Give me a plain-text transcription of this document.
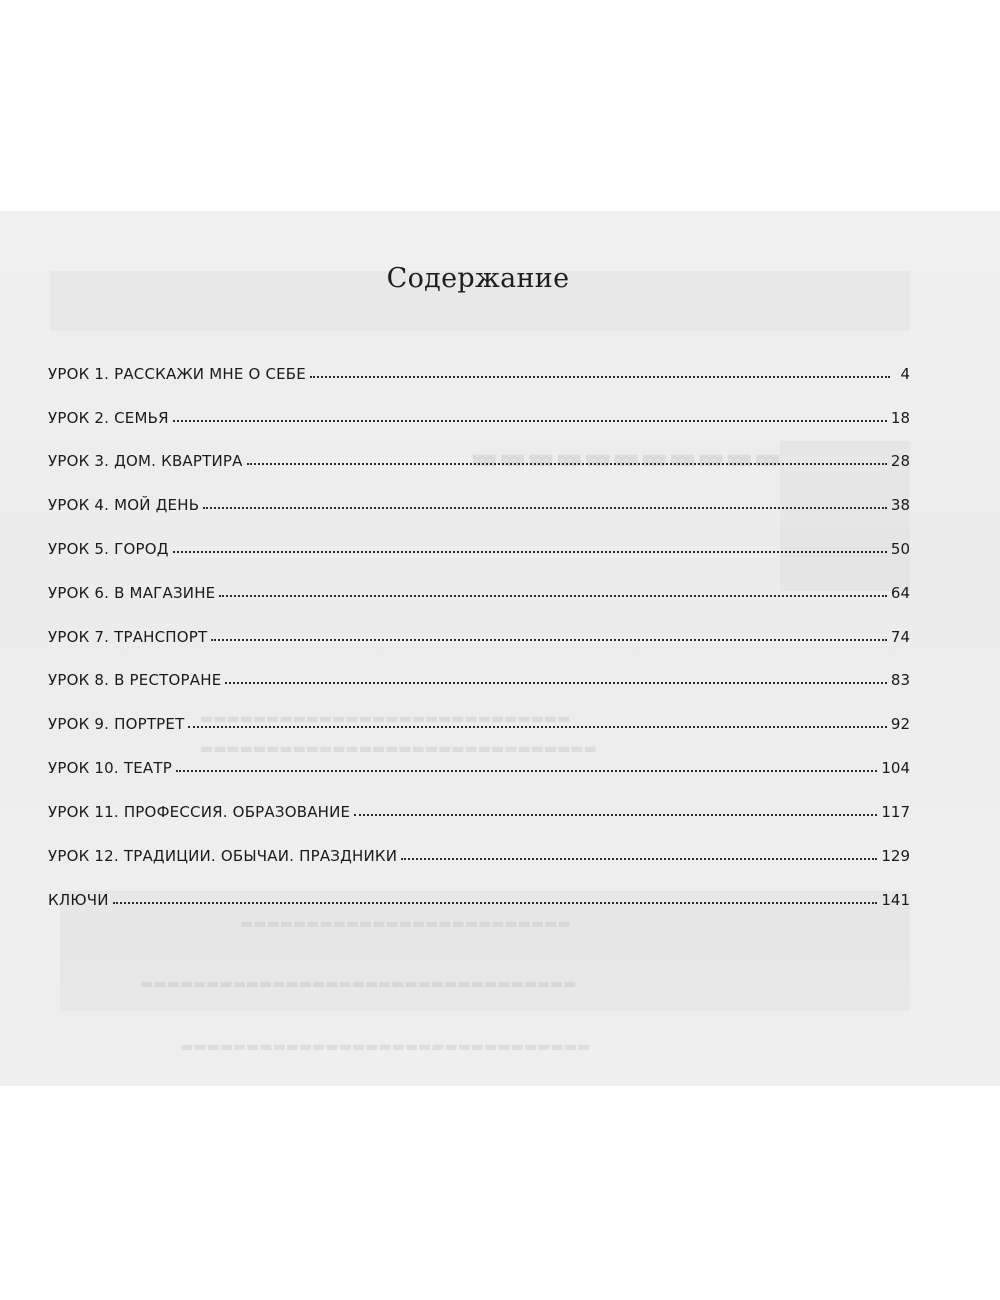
▬▬▬▬▬▬▬▬▬▬▬
▬▬▬▬▬▬▬▬▬▬▬▬▬▬▬▬▬▬▬▬▬▬▬▬▬▬▬▬
▬▬▬▬▬▬▬▬▬▬▬▬▬▬▬▬▬▬▬▬▬▬▬▬▬▬▬▬▬▬
▬▬▬▬▬▬▬▬▬▬▬▬▬▬▬▬▬▬▬▬▬▬▬▬▬
▬▬▬▬▬▬▬▬▬▬▬▬▬▬▬▬▬▬▬▬▬▬▬▬▬▬▬▬▬▬▬▬▬
▬▬▬▬▬▬▬▬▬▬▬▬▬▬▬▬▬▬▬▬▬▬▬▬▬▬▬▬▬▬▬
Содержание
УРОК 1. РАССКАЖИ МНЕ О СЕБЕ	4
УРОК 2. СЕМЬЯ	18
УРОК 3. ДОМ. КВАРТИРА	28
УРОК 4. МОЙ ДЕНЬ	38
УРОК 5. ГОРОД	50
УРОК 6. В МАГАЗИНЕ	64
УРОК 7. ТРАНСПОРТ	74
УРОК 8. В РЕСТОРАНЕ	83
УРОК 9. ПОРТРЕТ	92
УРОК 10. ТЕАТР	104
УРОК 11. ПРОФЕССИЯ. ОБРАЗОВАНИЕ	117
УРОК 12. ТРАДИЦИИ. ОБЫЧАИ. ПРАЗДНИКИ	129
КЛЮЧИ	141
